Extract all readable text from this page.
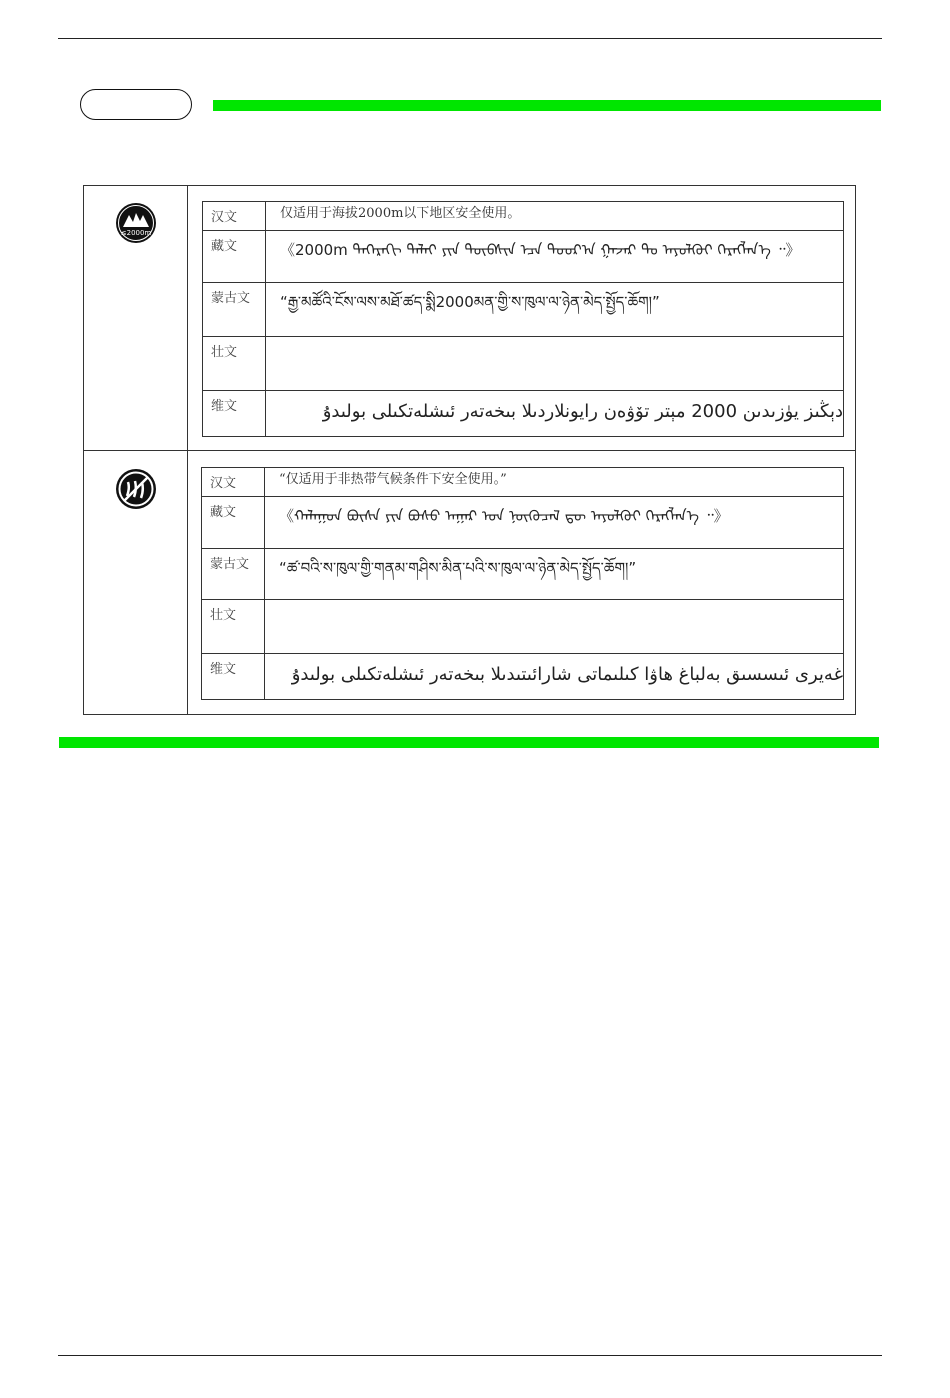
≤2000m
汉文	仅适用于海拔2000m以下地区安全使用。
藏文	《2000m ᠳᠡᠭᠡᠷᠡᠬᠢ ᠳᠠᠯᠠᠢ ᠶᠢᠨ ᠲᠥᠪᠰᠢᠨ ᠡᠴᠡ ᠳᠤᠤᠷ᠎ᠠ ᠭᠠᠵᠠᠷ ᠲᠤ ᠠᠶᠤᠯᠭᠦᠢ ᠬᠡᠷᠡᠭᠯᠡᠨ᠎ᠡ ᠃》
蒙古文	“རྒྱ་མཚོའི་ངོས་ལས་མཐོ་ཚད་སྨི2000མན་གྱི་ས་ཁུལ་ལ་ཉེན་མེད་སྤྱོད་ཆོག།”
壮文	
维文	دېڭىز يۈزىدىن 2000 مېتر تۆۋەن رايونلاردىلا بىخەتەر ئىشلەتكىلى بولىدۇ
汉文	“仅适用于非热带气候条件下安全使用。”
藏文	《ᠬᠠᠯᠠᠭᠤᠨ ᠪᠦᠰᠡ ᠶᠢᠨ ᠪᠤᠰᠤ ᠠᠭᠠᠷ ᠤᠨ ᠨᠥᠬᠥᠴᠡᠯ ᠳᠦ ᠠᠶᠤᠯᠭᠦᠢ ᠬᠡᠷᠡᠭᠯᠡᠨ᠎ᠡ ᠃》
蒙古文	“ཚ་བའི་ས་ཁུལ་གྱི་གནམ་གཤིས་མིན་པའི་ས་ཁུལ་ལ་ཉེན་མེད་སྤྱོད་ཆོག།”
壮文	
维文	غەيرى ئىسسىق بەلباغ ھاۋا كىلىماتى شارائىتىدىلا بىخەتەر ئىشلەتكىلى بولىدۇ
